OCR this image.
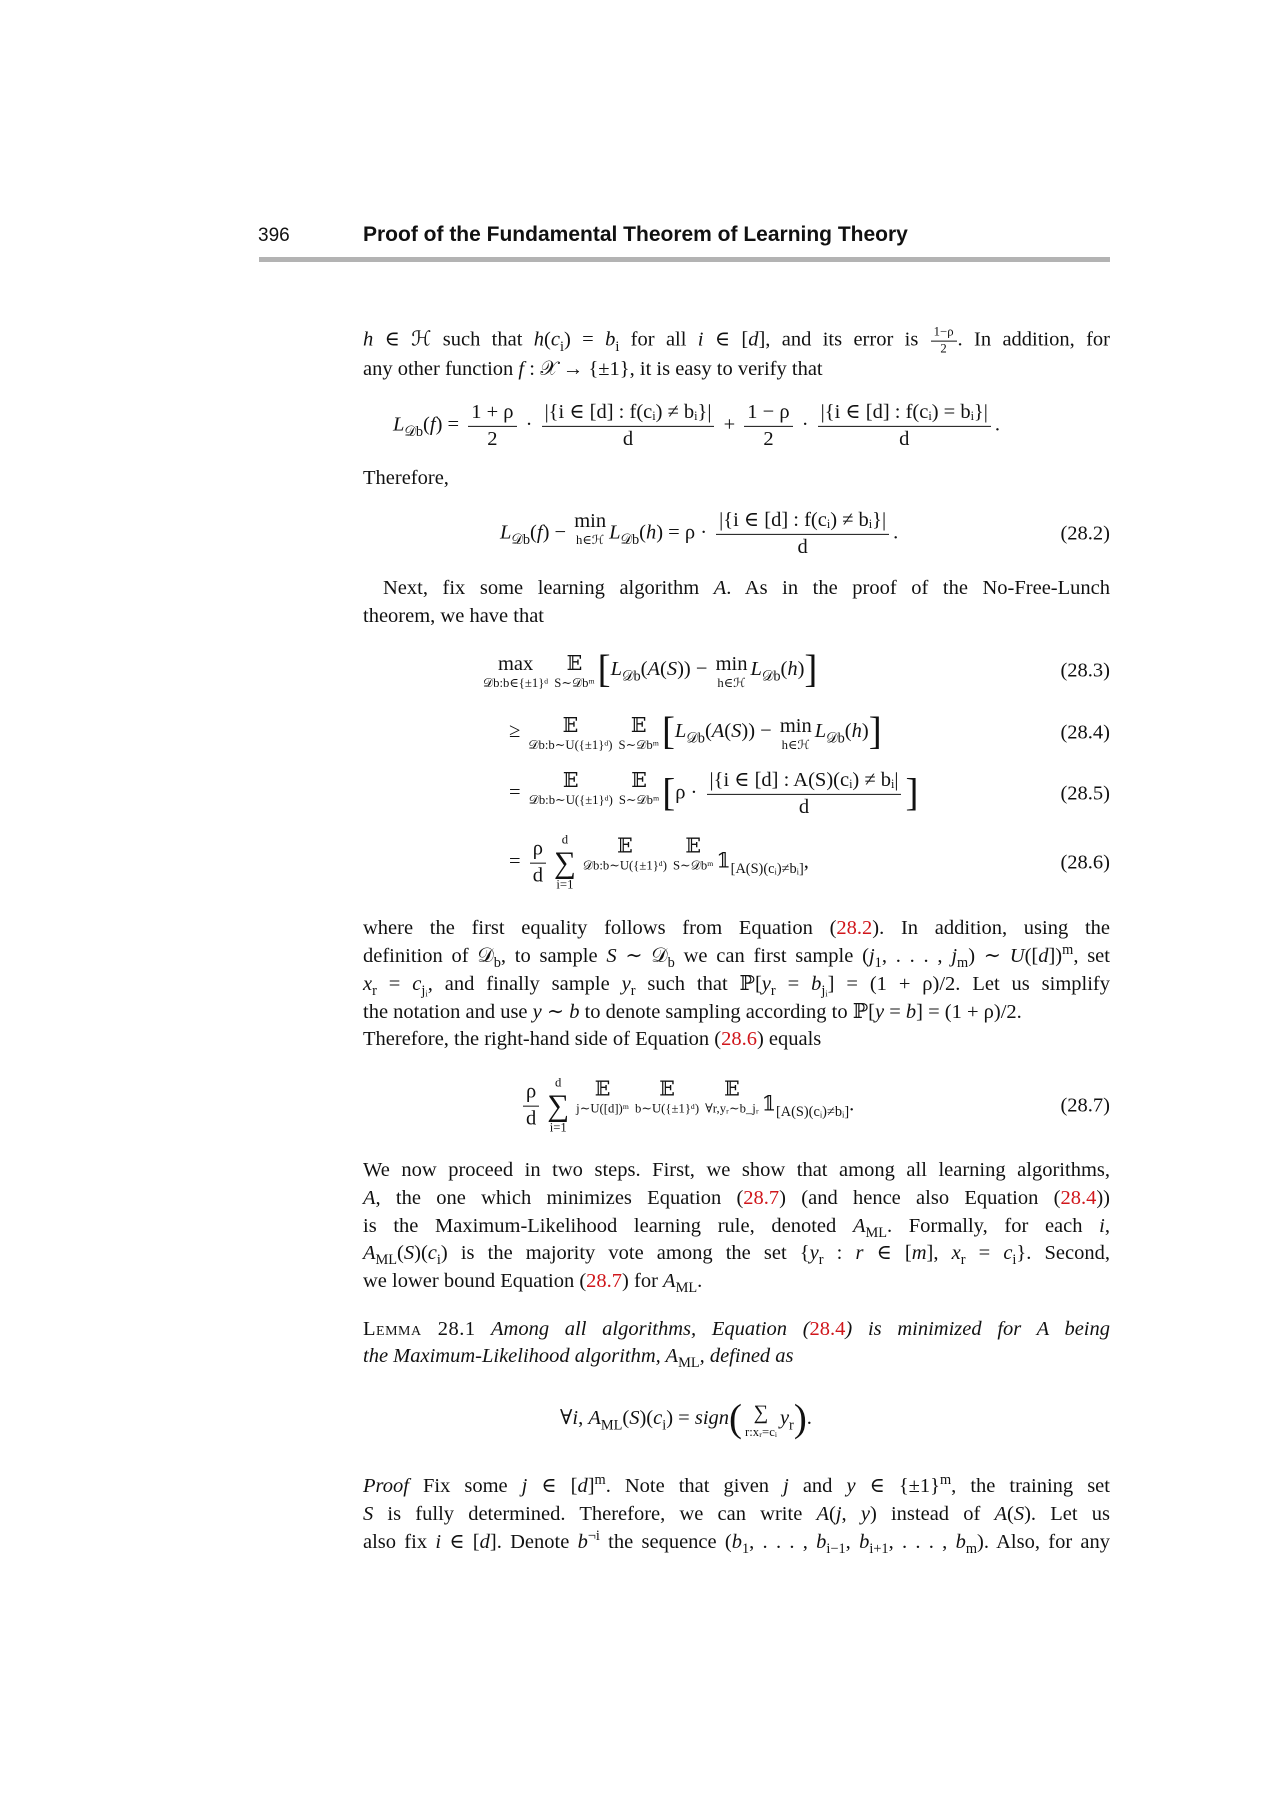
396	Proof of the Fundamental Theorem of Learning Theory
h ∈ ℋ such that $h(c_i) = b_i$ for all i ∈ [d], and its error is $\frac{1-\rho}{2}$ . In addition, for
any other function f : 𝒳 → {±1}, it is easy to verify that
Therefore,
Next, fix some learning algorithm A. As in the proof of the No-Free-Lunch
theorem, we have that
where the first equality follows from Equation (28.2). In addition, using the
definition of 𝒟$_b$, to sample S ∼ 𝒟$_b$ we can first sample ($j_1$, . . . , $j_m$) ∼ $U([d])^m$, set
$x_r = c_{jᵢ}$, and finally sample $y_r$ such that $ℙ[y_r = b_{jᵢ}] = (1 + \rho)/2$. Let us simplify
the notation and use y ∼ b to denote sampling according to ℙ[y = b] = (1 + ρ)/2.
Therefore, the right-hand side of Equation (28.6) equals
We now proceed in two steps. First, we show that among all learning algorithms,
A, the one which minimizes Equation (28.7) (and hence also Equation (28.4))
is the Maximum-Likelihood learning rule, denoted $A_{ML}$. Formally, for each i,
$A_{ML}(S)(c_i)$ is the majority vote among the set {$y_r$ : r ∈ [m], $x_r = c_i$}. Second,
we lower bound Equation (28.7) for $A_{ML}$.
Lemma 28.1 Among all algorithms, Equation (28.4) is minimized for A being
the Maximum-Likelihood algorithm, $A_{ML}$, defined as
Proof Fix some j ∈ $[d]^m$. Note that given j and y ∈ $\{\pm 1\}^m$, the training set
S is fully determined. Therefore, we can write A(j, y) instead of A(S). Let us
also fix i ∈ [d]. Denote $b^{\neg i}$ the sequence ($b_1$, . . . , $b_{i-1}$, $b_{i+1}$, . . . , $b_m$). Also, for any
$L_{𝒟b}(f) = \frac{1 + \rho}{2} \cdot \frac{\text{|\{i ∈ [d] : f(cᵢ) ≠ bᵢ\}|}}{d} + \frac{1 - \rho}{2} \cdot \frac{\text{|\{i ∈ [d] : f(cᵢ) = bᵢ\}|}}{d}$ .
$L_{𝒟b}(f)$ −
min
h∈ℋ $L_{𝒟b}(h) = \rho \cdot \frac{\text{|\{i ∈ [d] : f(cᵢ) ≠ bᵢ\}|}}{d}$ .	(28.2)
max
𝒟b:b∈{±1}ᵈ
𝔼
S∼𝒟bᵐ [$L_{𝒟b}(A(S)) - \min$
h∈ℋ
$L_{𝒟b}(h)$]	(28.3)
≥ 𝔼
𝒟b:b∼U({±1}ᵈ)
𝔼
S∼𝒟bᵐ [$L_{𝒟b}(A(S)) - \min$
h∈ℋ
$L_{𝒟b}(h)$]	(28.4)
=
𝔼
𝒟b:b∼U({±1}ᵈ)
𝔼
S∼𝒟bᵐ [$\rho \cdot \frac{\text{|\{i ∈ [d] : A(S)(cᵢ) ≠ bᵢ|}}{d}$ ]	(28.5)
= $\frac{\rho}{d}$ d
∑
i=1
𝔼
𝒟b:b∼U({±1}ᵈ)
𝔼
S∼𝒟bᵐ $𝟙_{[A(S)(cᵢ)\ne bᵢ]}$,	(28.6)
$\frac{\rho}{d}$ d
∑
i=1
𝔼
j∼U([d])ᵐ
𝔼
b∼U({±1}ᵈ)
𝔼
∀r,yᵣ∼b_jᵣ $𝟙_{[A(S)(cᵢ)\ne bᵢ]}$.	(28.7)
∀i, $A_{ML}(S)(c_i)$ = sign( ∑
r:xᵣ=cᵢ
$y_r$).
